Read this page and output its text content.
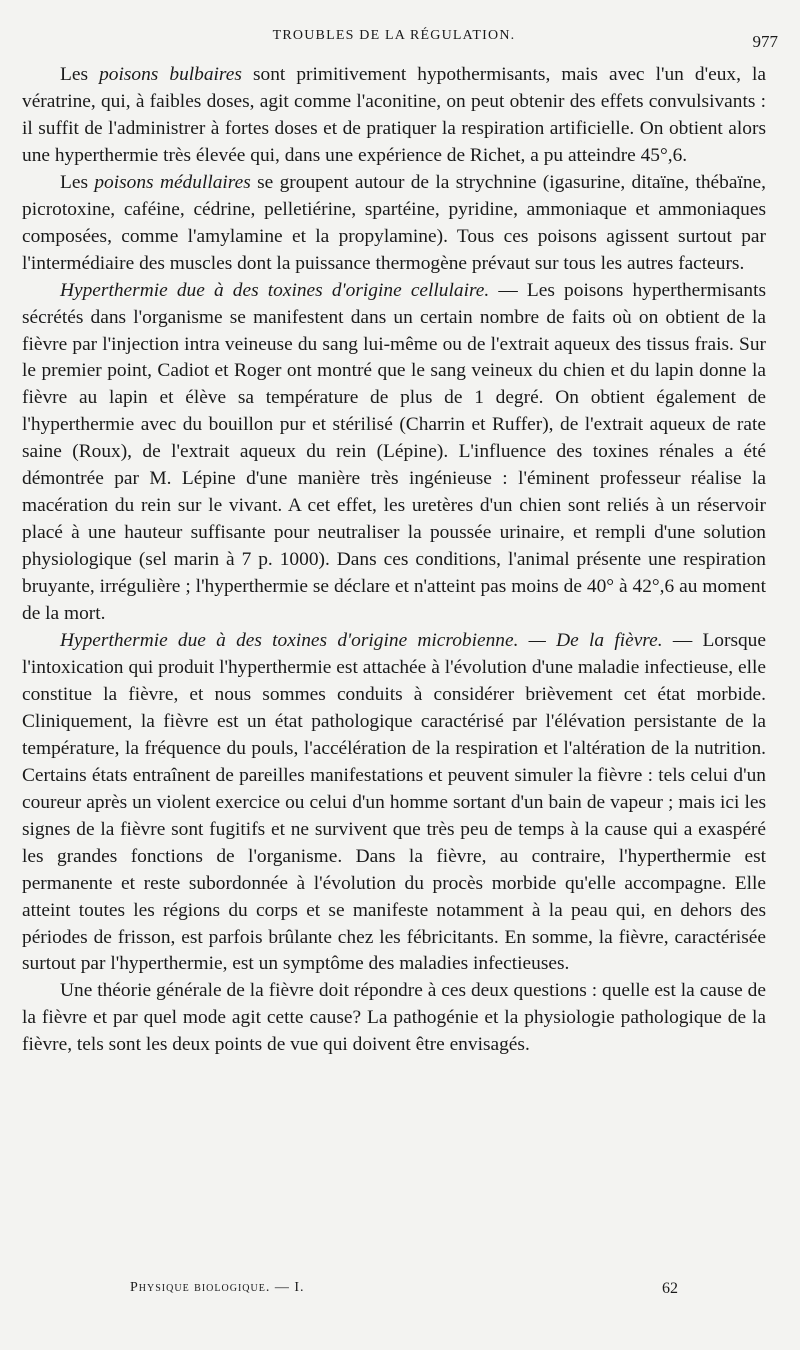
TROUBLES DE LA RÉGULATION.	977

Les poisons bulbaires sont primitivement hypothermisants, mais avec l'un d'eux, la vératrine, qui, à faibles doses, agit comme l'aconitine, on peut obtenir des effets convulsivants : il suffit de l'administrer à fortes doses et de pratiquer la respiration artificielle. On obtient alors une hyperthermie très élevée qui, dans une expérience de Richet, a pu atteindre 45°,6.

Les poisons médullaires se groupent autour de la strychnine (igasurine, ditaïne, thébaïne, picrotoxine, caféine, cédrine, pelletiérine, spartéine, pyridine, ammoniaque et ammoniaques composées, comme l'amylamine et la propylamine). Tous ces poisons agissent surtout par l'intermédiaire des muscles dont la puissance thermogène prévaut sur tous les autres facteurs.

Hyperthermie due à des toxines d'origine cellulaire. — Les poisons hyperthermisants sécrétés dans l'organisme se manifestent dans un certain nombre de faits où on obtient de la fièvre par l'injection intra veineuse du sang lui-même ou de l'extrait aqueux des tissus frais. Sur le premier point, Cadiot et Roger ont montré que le sang veineux du chien et du lapin donne la fièvre au lapin et élève sa température de plus de 1 degré. On obtient également de l'hyperthermie avec du bouillon pur et stérilisé (Charrin et Ruffer), de l'extrait aqueux de rate saine (Roux), de l'extrait aqueux du rein (Lépine). L'influence des toxines rénales a été démontrée par M. Lépine d'une manière très ingénieuse : l'éminent professeur réalise la macération du rein sur le vivant. A cet effet, les uretères d'un chien sont reliés à un réservoir placé à une hauteur suffisante pour neutraliser la poussée urinaire, et rempli d'une solution physiologique (sel marin à 7 p. 1000). Dans ces conditions, l'animal présente une respiration bruyante, irrégulière ; l'hyperthermie se déclare et n'atteint pas moins de 40° à 42°,6 au moment de la mort.

Hyperthermie due à des toxines d'origine microbienne. — De la fièvre. — Lorsque l'intoxication qui produit l'hyperthermie est attachée à l'évolution d'une maladie infectieuse, elle constitue la fièvre, et nous sommes conduits à considérer brièvement cet état morbide. Cliniquement, la fièvre est un état pathologique caractérisé par l'élévation persistante de la température, la fréquence du pouls, l'accélération de la respiration et l'altération de la nutrition. Certains états entraînent de pareilles manifestations et peuvent simuler la fièvre : tels celui d'un coureur après un violent exercice ou celui d'un homme sortant d'un bain de vapeur ; mais ici les signes de la fièvre sont fugitifs et ne survivent que très peu de temps à la cause qui a exaspéré les grandes fonctions de l'organisme. Dans la fièvre, au contraire, l'hyperthermie est permanente et reste subordonnée à l'évolution du procès morbide qu'elle accompagne. Elle atteint toutes les régions du corps et se manifeste notamment à la peau qui, en dehors des périodes de frisson, est parfois brûlante chez les fébricitants. En somme, la fièvre, caractérisée surtout par l'hyperthermie, est un symptôme des maladies infectieuses.

Une théorie générale de la fièvre doit répondre à ces deux questions : quelle est la cause de la fièvre et par quel mode agit cette cause? La pathogénie et la physiologie pathologique de la fièvre, tels sont les deux points de vue qui doivent être envisagés.

Physique biologique. — I.	62
